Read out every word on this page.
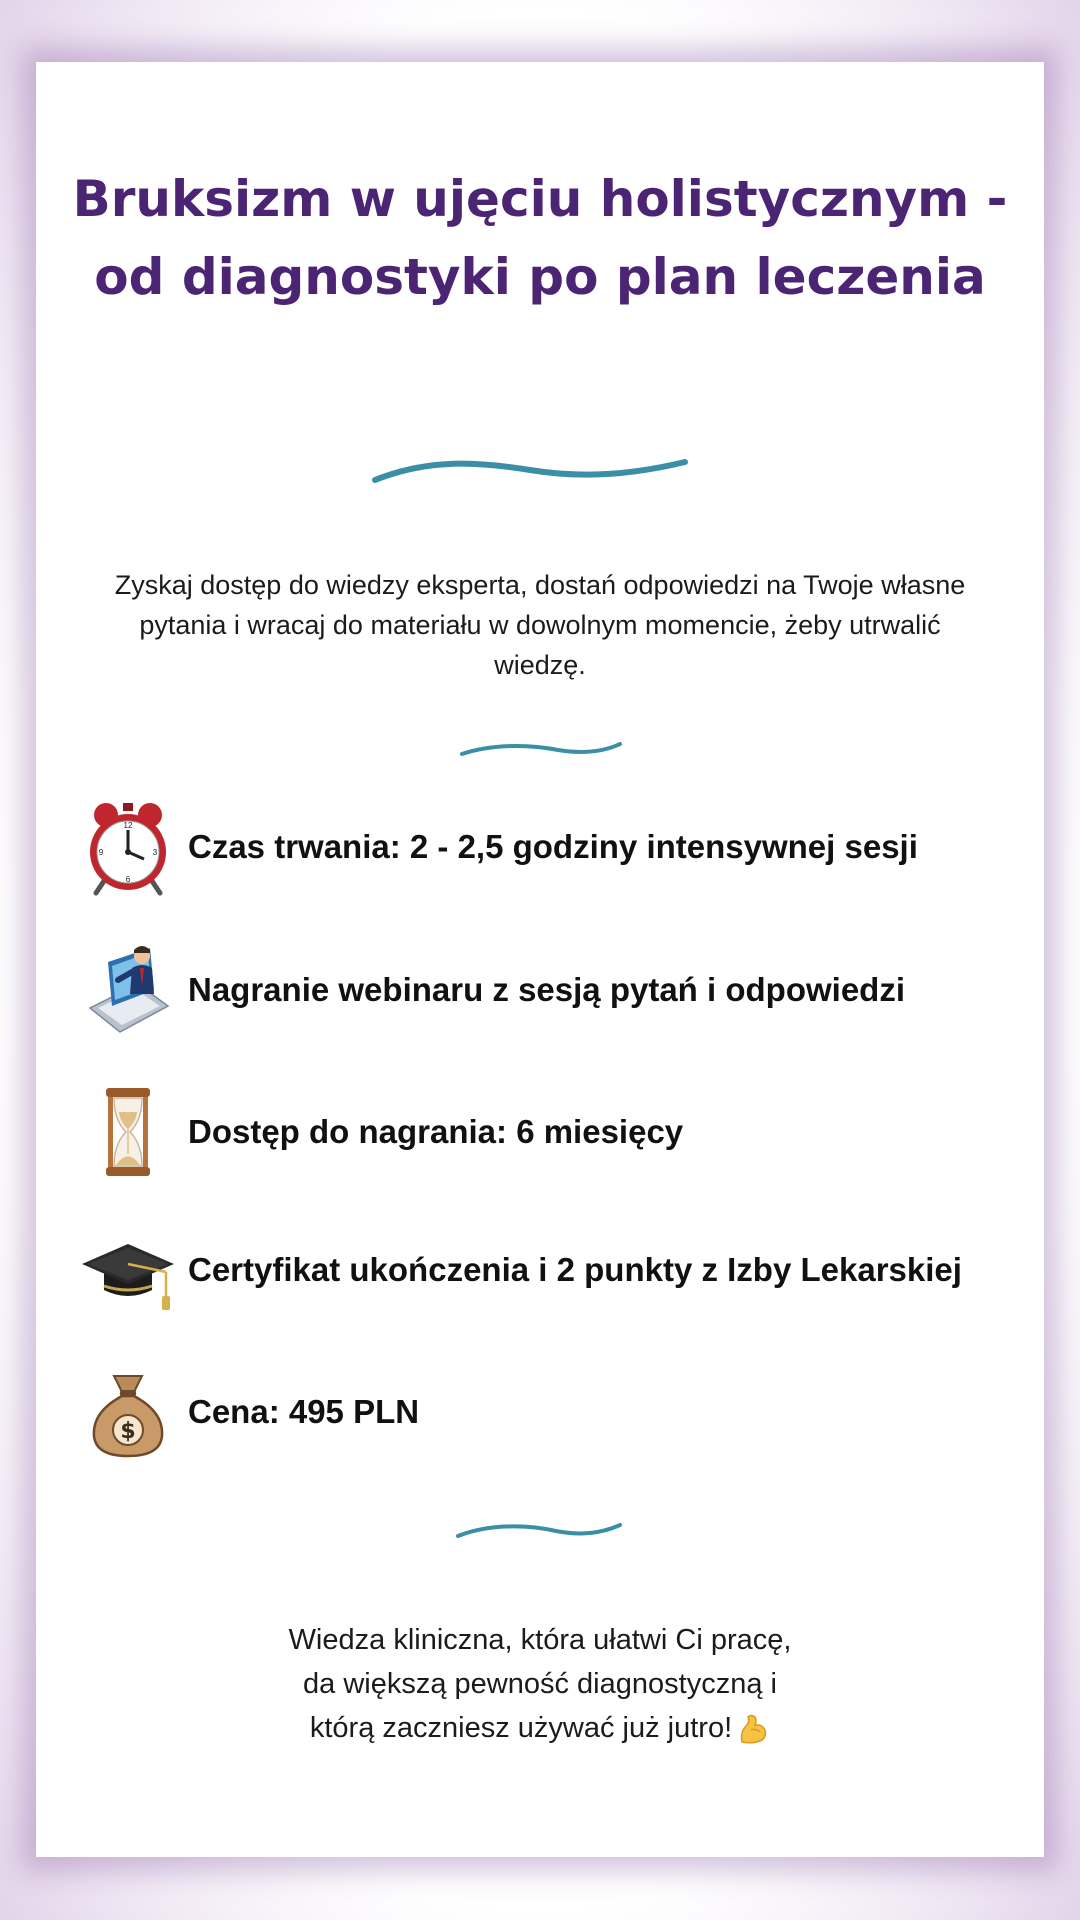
Bruksizm w ujęciu holistycznym - od diagnostyki po plan leczenia

Zyskaj dostęp do wiedzy eksperta, dostań odpowiedzi na Twoje własne pytania i wracaj do materiału w dowolnym momencie, żeby utrwalić wiedzę.

12
3
6
9	Czas trwania: 2 - 2,5 godziny intensywnej sesji
Nagranie webinaru z sesją pytań i odpowiedzi
Dostęp do nagrania: 6 miesięcy
Certyfikat ukończenia i 2 punkty z Izby Lekarskiej
$
Cena: 495 PLN
Wiedza kliniczna, która ułatwi Ci pracę,
da większą pewność diagnostyczną i
którą zaczniesz używać już jutro!
